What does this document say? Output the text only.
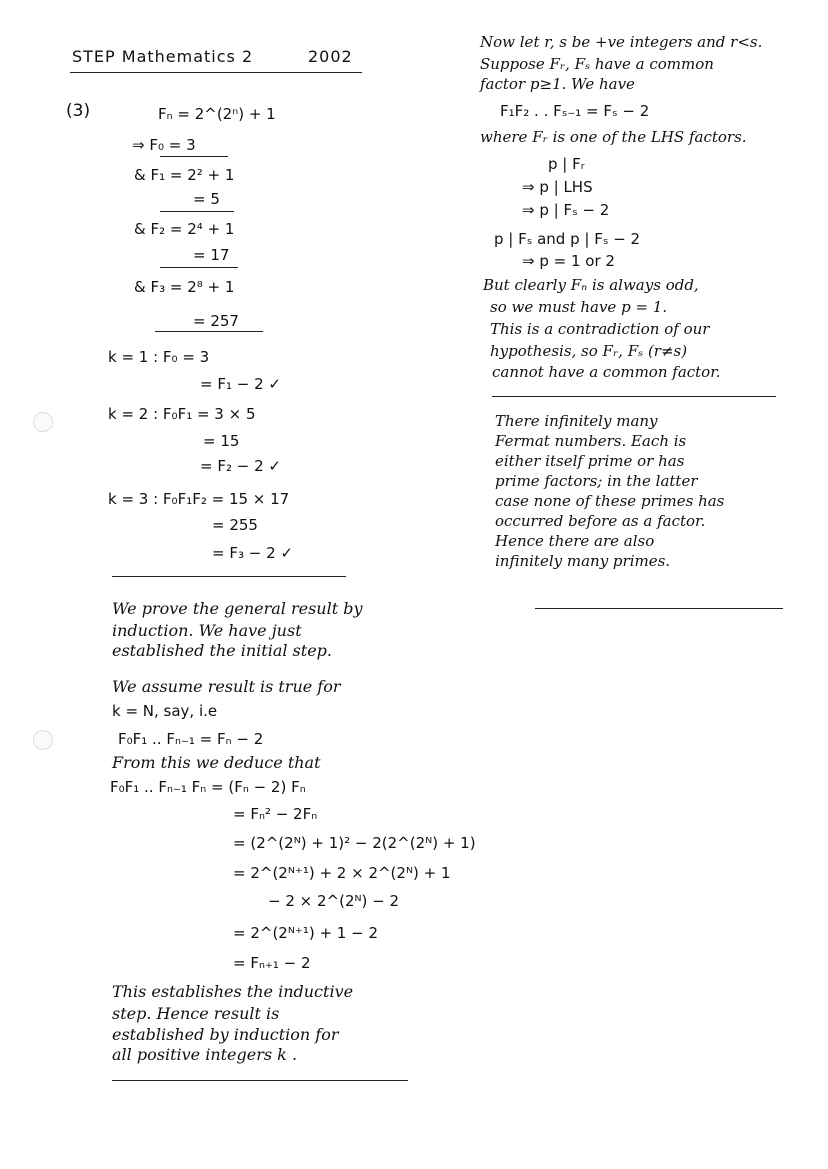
STEP Mathematics 2	2002
(3)	Fₙ = 2^(2ⁿ) + 1
⇒ F₀ = 3
& F₁ = 2² + 1
= 5
& F₂ = 2⁴ + 1
= 17
& F₃ = 2⁸ + 1
= 257
k = 1 : F₀ = 3
= F₁ − 2 ✓
k = 2 : F₀F₁ = 3 × 5
= 15
= F₂ − 2 ✓
k = 3 : F₀F₁F₂ = 15 × 17
= 255
= F₃ − 2 ✓
We prove the general result by
induction. We have just
established the initial step.
We assume result is true for
k = N, say, i.e
F₀F₁ .. Fₙ₋₁ = Fₙ − 2
From this we deduce that
F₀F₁ .. Fₙ₋₁ Fₙ = (Fₙ − 2) Fₙ
= Fₙ² − 2Fₙ
= (2^(2ᴺ) + 1)² − 2(2^(2ᴺ) + 1)
= 2^(2ᴺ⁺¹) + 2 × 2^(2ᴺ) + 1
− 2 × 2^(2ᴺ) − 2
= 2^(2ᴺ⁺¹) + 1 − 2
= Fₙ₊₁ − 2
This establishes the inductive
step. Hence result is
established by induction for
all positive integers k .
Now let r, s be +ve integers and r<s.
Suppose Fᵣ, Fₛ have a common
factor p≥1. We have
F₁F₂ . . Fₛ₋₁ = Fₛ − 2
where Fᵣ is one of the LHS factors.
p | Fᵣ
⇒ p | LHS
⇒ p | Fₛ − 2
p | Fₛ and p | Fₛ − 2
⇒ p = 1 or 2
But clearly Fₙ is always odd,
so we must have p = 1.
This is a contradiction of our
hypothesis, so Fᵣ, Fₛ (r≠s)
cannot have a common factor.
There infinitely many
Fermat numbers. Each is
either itself prime or has
prime factors; in the latter
case none of these primes has
occurred before as a factor.
Hence there are also
infinitely many primes.
